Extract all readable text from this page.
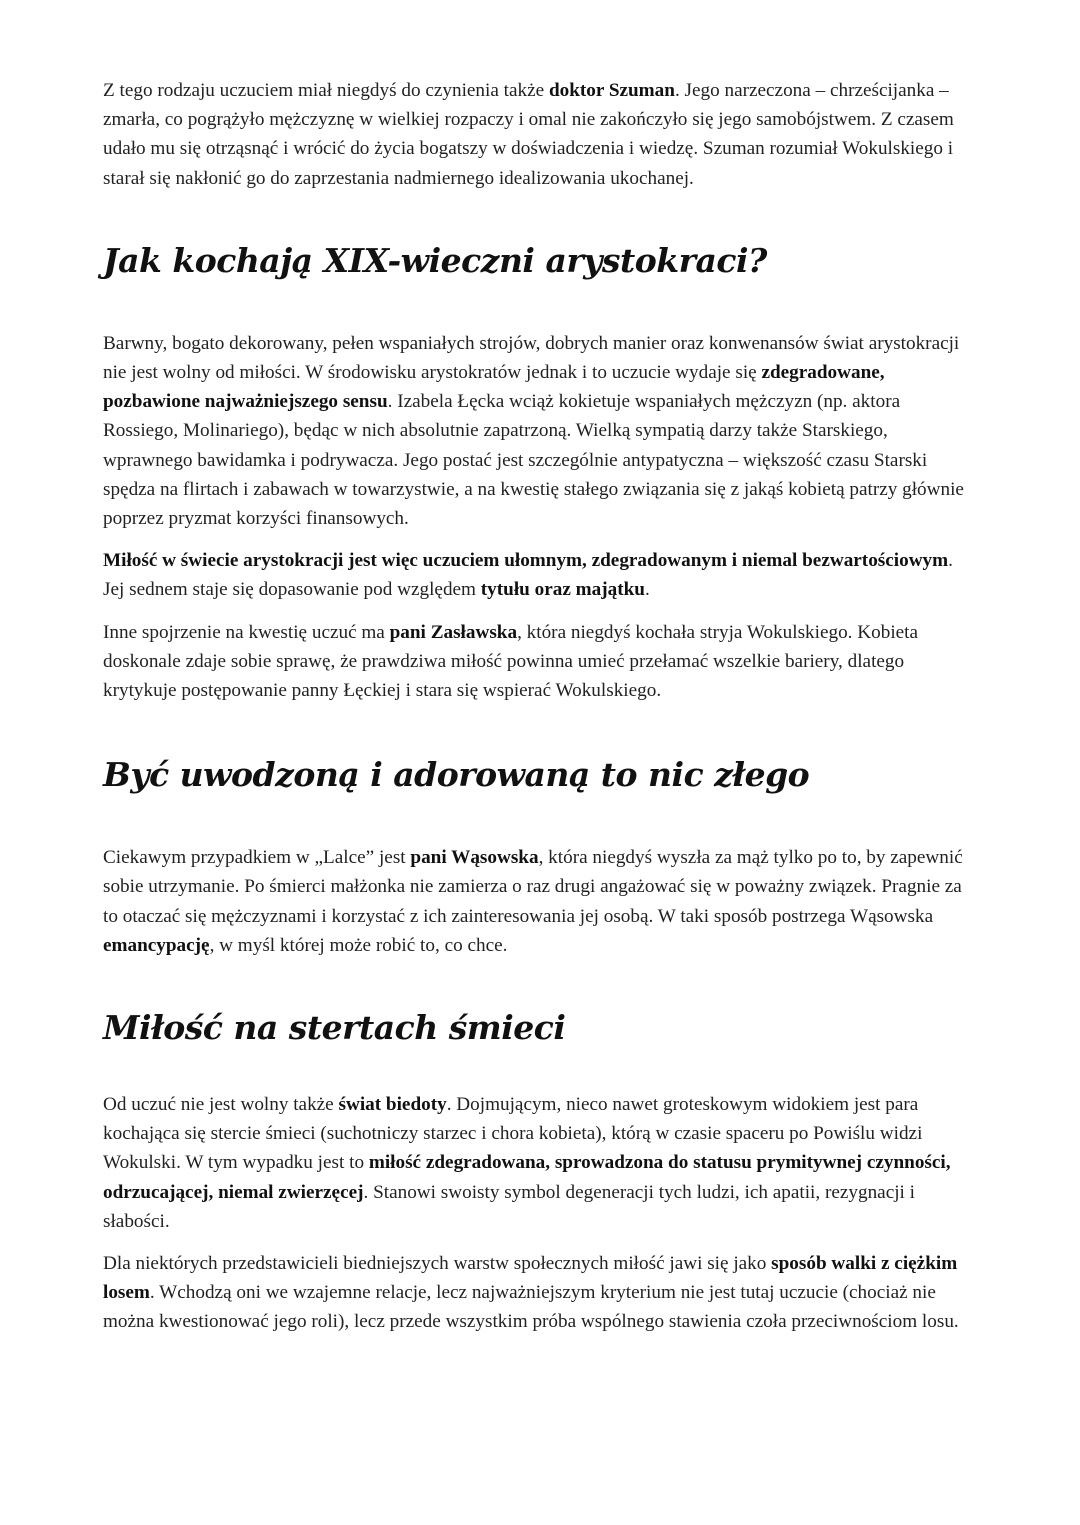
Z tego rodzaju uczuciem miał niegdyś do czynienia także doktor Szuman. Jego narzeczona – chrześcijanka – zmarła, co pogrążyło mężczyznę w wielkiej rozpaczy i omal nie zakończyło się jego samobójstwem. Z czasem udało mu się otrząsnąć i wrócić do życia bogatszy w doświadczenia i wiedzę. Szuman rozumiał Wokulskiego i starał się nakłonić go do zaprzestania nadmiernego idealizowania ukochanej.

Jak kochają XIX-wieczni arystokraci?

Barwny, bogato dekorowany, pełen wspaniałych strojów, dobrych manier oraz konwenansów świat arystokracji nie jest wolny od miłości. W środowisku arystokratów jednak i to uczucie wydaje się zdegradowane, pozbawione najważniejszego sensu. Izabela Łęcka wciąż kokietuje wspaniałych mężczyzn (np. aktora Rossiego, Molinariego), będąc w nich absolutnie zapatrzoną. Wielką sympatią darzy także Starskiego, wprawnego bawidamka i podrywacza. Jego postać jest szczególnie antypatyczna – większość czasu Starski spędza na flirtach i zabawach w towarzystwie, a na kwestię stałego związania się z jakąś kobietą patrzy głównie poprzez pryzmat korzyści finansowych.

Miłość w świecie arystokracji jest więc uczuciem ułomnym, zdegradowanym i niemal bezwartościowym. Jej sednem staje się dopasowanie pod względem tytułu oraz majątku.

Inne spojrzenie na kwestię uczuć ma pani Zasławska, która niegdyś kochała stryja Wokulskiego. Kobieta doskonale zdaje sobie sprawę, że prawdziwa miłość powinna umieć przełamać wszelkie bariery, dlatego krytykuje postępowanie panny Łęckiej i stara się wspierać Wokulskiego.

Być uwodzoną i adorowaną to nic złego

Ciekawym przypadkiem w „Lalce” jest pani Wąsowska, która niegdyś wyszła za mąż tylko po to, by zapewnić sobie utrzymanie. Po śmierci małżonka nie zamierza o raz drugi angażować się w poważny związek. Pragnie za to otaczać się mężczyznami i korzystać z ich zainteresowania jej osobą. W taki sposób postrzega Wąsowska emancypację, w myśl której może robić to, co chce.

Miłość na stertach śmieci

Od uczuć nie jest wolny także świat biedoty. Dojmującym, nieco nawet groteskowym widokiem jest para kochająca się stercie śmieci (suchotniczy starzec i chora kobieta), którą w czasie spaceru po Powiślu widzi Wokulski. W tym wypadku jest to miłość zdegradowana, sprowadzona do statusu prymitywnej czynności, odrzucającej, niemal zwierzęcej. Stanowi swoisty symbol degeneracji tych ludzi, ich apatii, rezygnacji i słabości.

Dla niektórych przedstawicieli biedniejszych warstw społecznych miłość jawi się jako sposób walki z ciężkim losem. Wchodzą oni we wzajemne relacje, lecz najważniejszym kryterium nie jest tutaj uczucie (chociaż nie można kwestionować jego roli), lecz przede wszystkim próba wspólnego stawienia czoła przeciwnościom losu.
